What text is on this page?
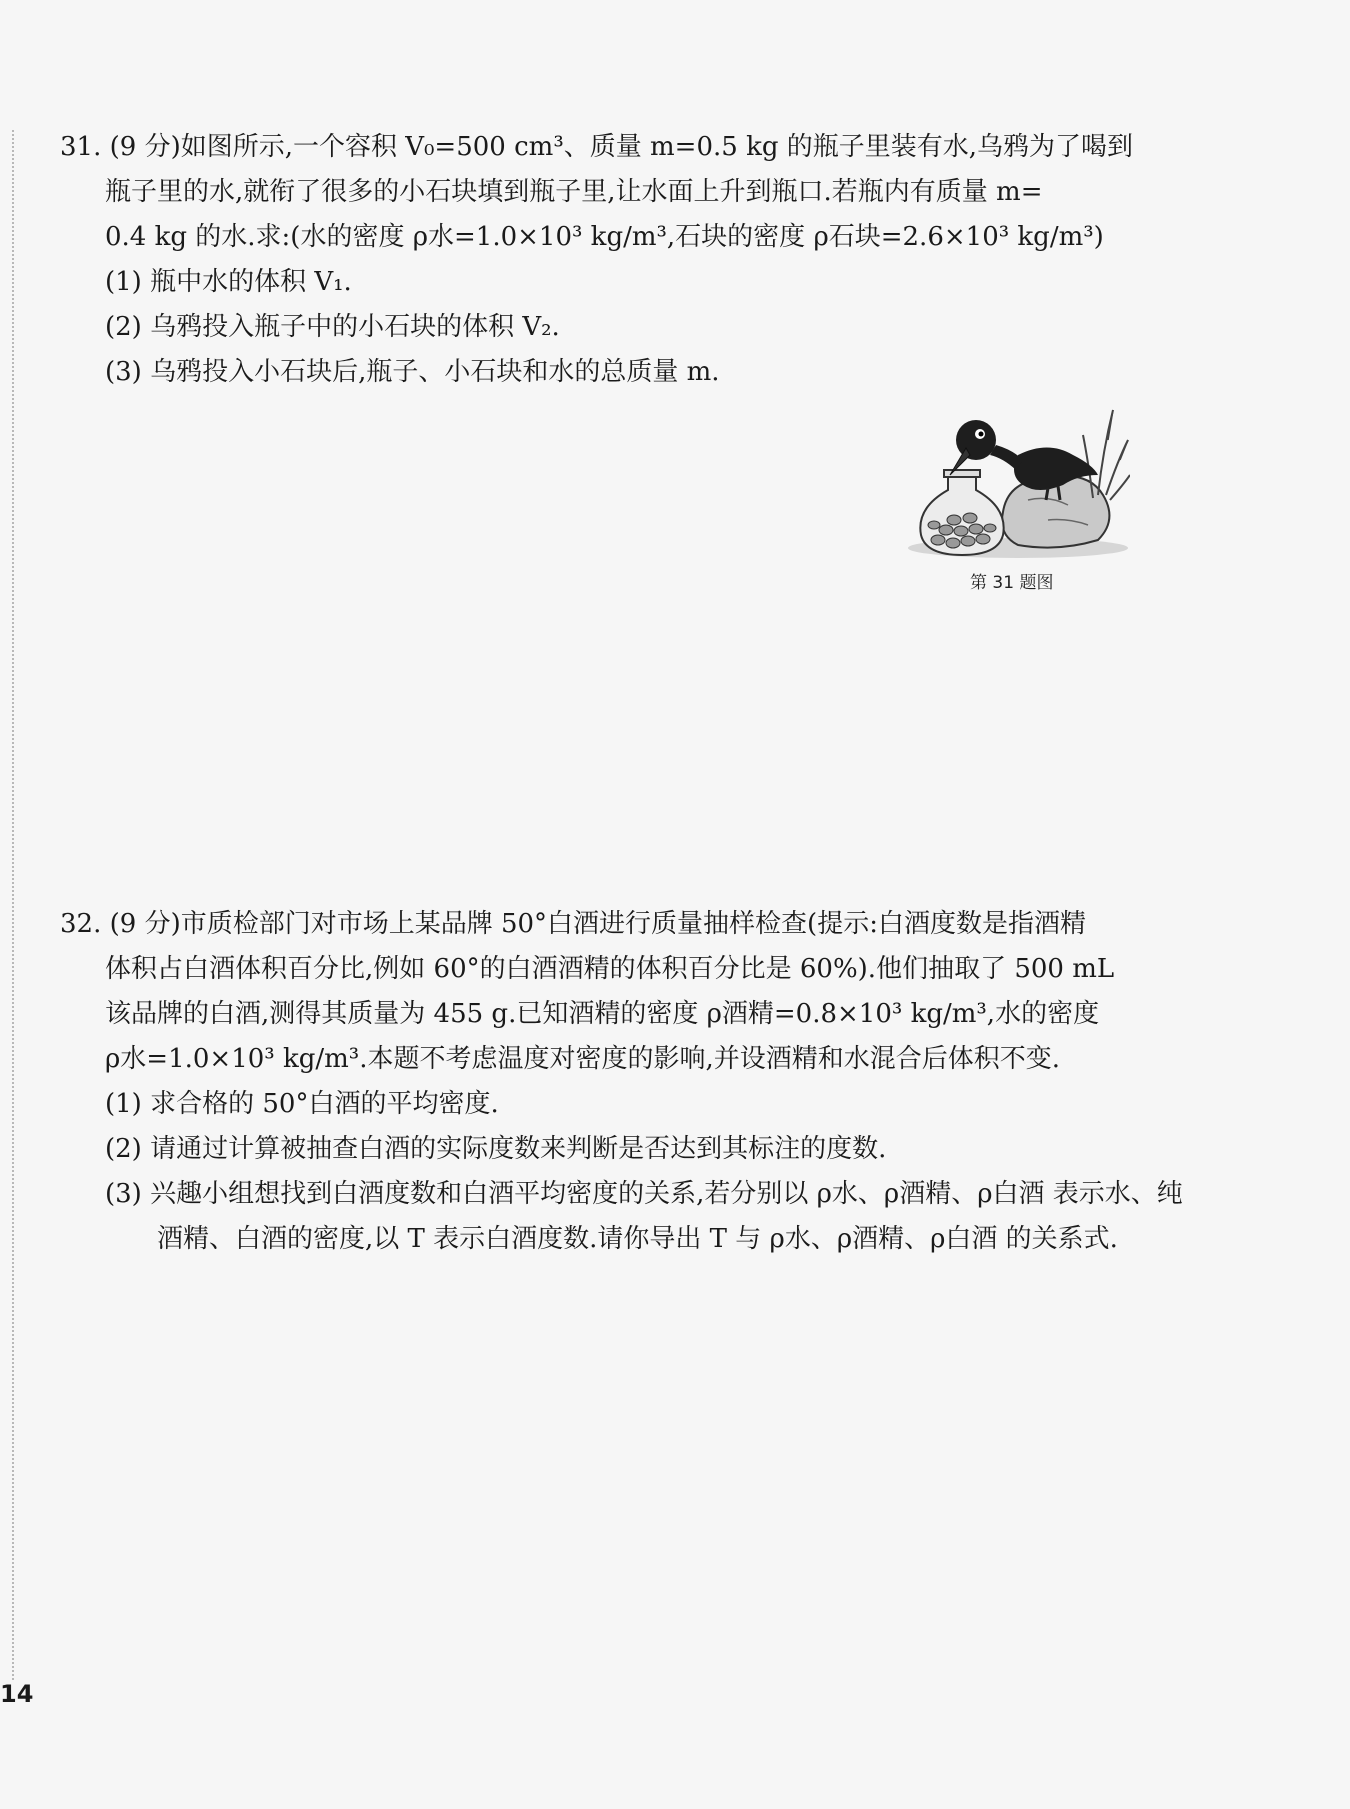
31. (9 分)如图所示,一个容积 V₀=500 cm³、质量 m=0.5 kg 的瓶子里装有水,乌鸦为了喝到
瓶子里的水,就衔了很多的小石块填到瓶子里,让水面上升到瓶口.若瓶内有质量 m=
0.4 kg 的水.求:(水的密度 ρ水=1.0×10³ kg/m³,石块的密度 ρ石块=2.6×10³ kg/m³)
(1) 瓶中水的体积 V₁.
(2) 乌鸦投入瓶子中的小石块的体积 V₂.
(3) 乌鸦投入小石块后,瓶子、小石块和水的总质量 m.
第 31 题图
32. (9 分)市质检部门对市场上某品牌 50°白酒进行质量抽样检查(提示:白酒度数是指酒精
体积占白酒体积百分比,例如 60°的白酒酒精的体积百分比是 60%).他们抽取了 500 mL
该品牌的白酒,测得其质量为 455 g.已知酒精的密度 ρ酒精=0.8×10³ kg/m³,水的密度
ρ水=1.0×10³ kg/m³.本题不考虑温度对密度的影响,并设酒精和水混合后体积不变.
(1) 求合格的 50°白酒的平均密度.
(2) 请通过计算被抽查白酒的实际度数来判断是否达到其标注的度数.
(3) 兴趣小组想找到白酒度数和白酒平均密度的关系,若分别以 ρ水、ρ酒精、ρ白酒 表示水、纯
酒精、白酒的密度,以 T 表示白酒度数.请你导出 T 与 ρ水、ρ酒精、ρ白酒 的关系式.
14
